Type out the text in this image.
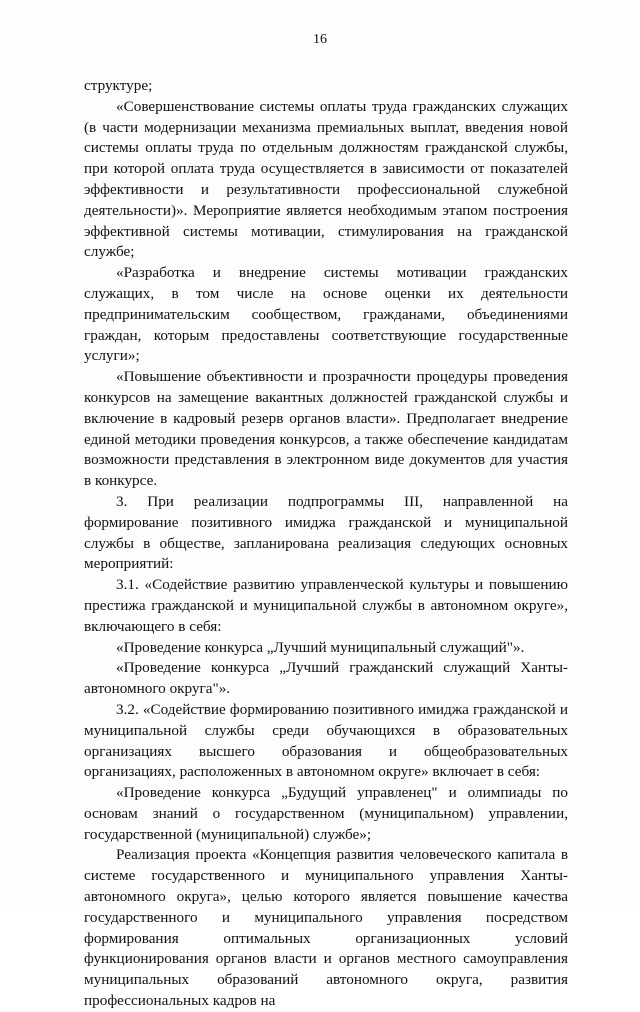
16

структуре;

«Совершенствование системы оплаты труда гражданских служащих (в части модернизации механизма премиальных выплат, введения новой системы оплаты труда по отдельным должностям гражданской службы, при которой оплата труда осуществляется в зависимости от показателей эффективности и результативности профессиональной служебной деятельности)». Мероприятие является необходимым этапом построения эффективной системы мотивации, стимулирования на гражданской службе;

«Разработка и внедрение системы мотивации гражданских служащих, в том числе на основе оценки их деятельности предпринимательским сообществом, гражданами, объединениями граждан, которым предоставлены соответствующие государственные услуги»;

«Повышение объективности и прозрачности процедуры проведения конкурсов на замещение вакантных должностей гражданской службы и включение в кадровый резерв органов власти». Предполагает внедрение единой методики проведения конкурсов, а также обеспечение кандидатам возможности представления в электронном виде документов для участия в конкурсе.

3. При реализации подпрограммы III, направленной на формирование позитивного имиджа гражданской и муниципальной службы в обществе, запланирована реализация следующих основных мероприятий:

3.1. «Содействие развитию управленческой культуры и повышению престижа гражданской и муниципальной службы в автономном округе», включающего в себя:

«Проведение конкурса „Лучший муниципальный служащий"».

«Проведение конкурса „Лучший гражданский служащий Ханты-автономного округа"».

3.2. «Содействие формированию позитивного имиджа гражданской и муниципальной службы среди обучающихся в образовательных организациях высшего образования и общеобразовательных организациях, расположенных в автономном округе» включает в себя:

«Проведение конкурса „Будущий управленец" и олимпиады по основам знаний о государственном (муниципальном) управлении, государственной (муниципальной) службе»;

Реализация проекта «Концепция развития человеческого капитала в системе государственного и муниципального управления Ханты-автономного округа», целью которого является повышение качества государственного и муниципального управления посредством формирования оптимальных организационных условий функционирования органов власти и органов местного самоуправления муниципальных образований автономного округа, развития профессиональных кадров на
